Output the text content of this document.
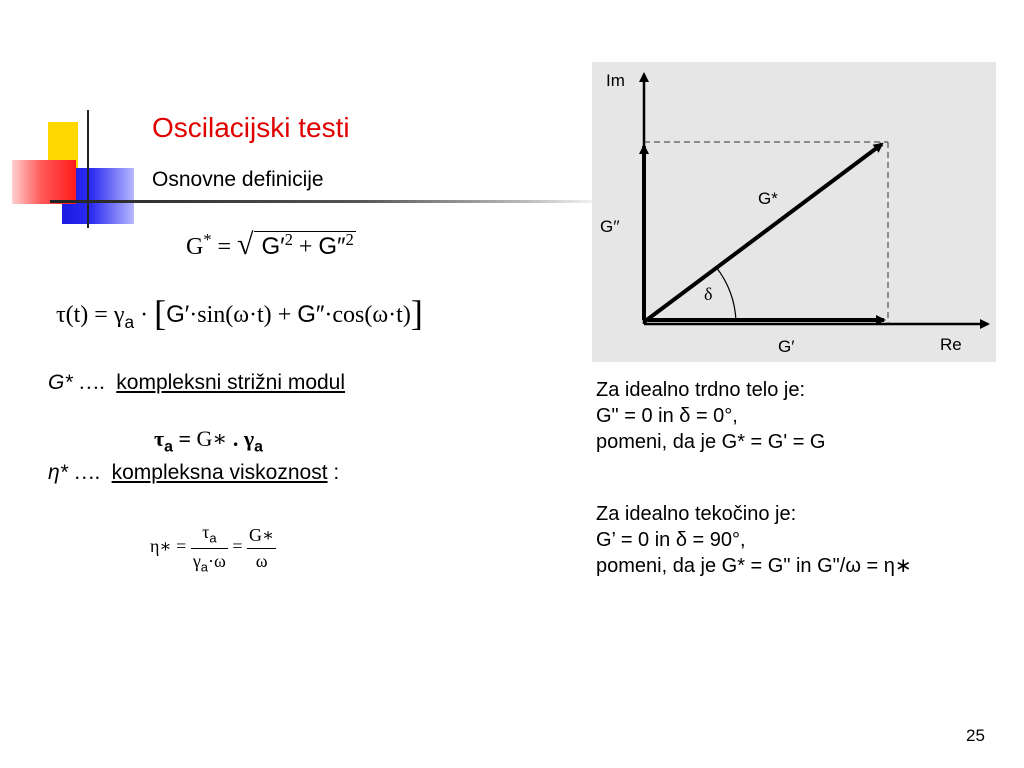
Oscilacijski testi
Osnovne definicije
G* = √ $G'^2 + G''^2$
$\tau(t) = \gamma_a \cdot [G'\cdot\sin(\omega\cdot t) + G''\cdot\cos(\omega\cdot t)]$
G* …. kompleksni strižni modul
$\tau_a$ = G∗ . $\gamma_a$
η* …. kompleksna viskoznost :
η∗ = $\frac{\tau_a}{\gamma_a\cdot\omega} = \frac{G∗}{\omega}$
Im
Re
G′′
G′
G*
δ
Za idealno trdno telo je:
G" = 0 in δ = 0°,
pomeni, da je G* = G' = G
Za idealno tekočino je:
G’ = 0 in δ = 90°,
pomeni, da je G* = G" in G"/ω = η∗
25
